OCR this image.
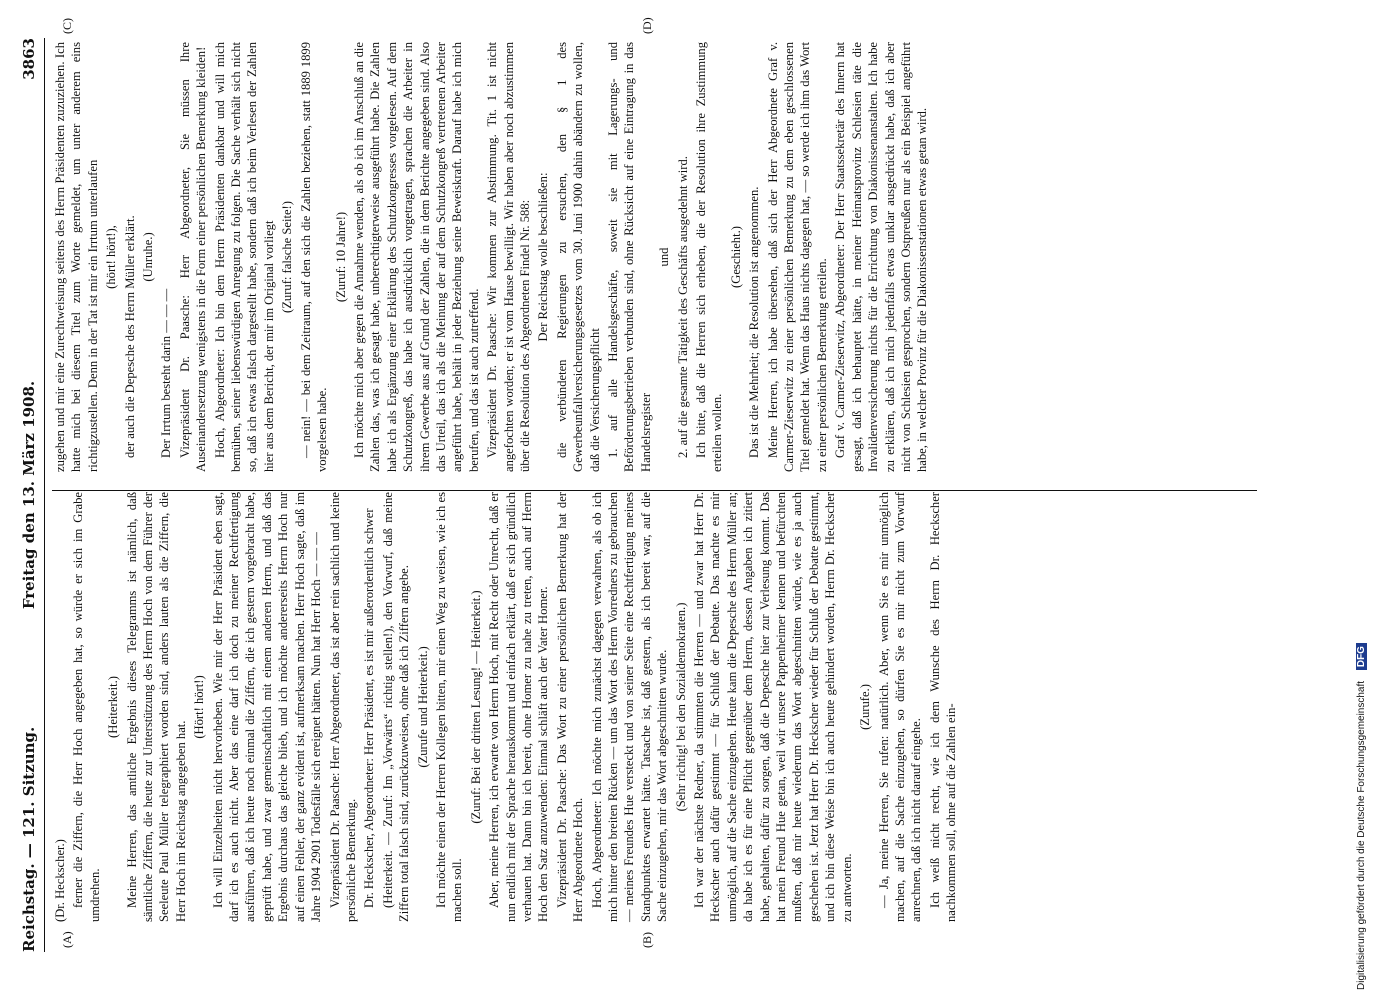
Reichstag. — 121. Sitzung.
Freitag den 13. März 1908.
3863

(Dr. Heckscher.) ferner die Ziffern, die Herr Hoch angegeben hat, so würde er sich im Grabe umdrehen.

(Heiterkeit.) Meine Herren, das amtliche Ergebnis dieses Telegramms ist nämlich, daß sämtliche Ziffern, die heute zur Unterstützung des Herrn Hoch von dem Führer der Seeleute Paul Müller telegraphiert worden sind, anders lauten als die Ziffern, die Herr Hoch im Reichstag angegeben hat.

(Hört! hört!) Ich will Einzelheiten nicht hervorheben. Wie mir der Herr Präsident eben sagt, darf ich es auch nicht. Aber das eine darf ich doch zu meiner Rechtfertigung ausführen, daß ich heute noch einmal die Ziffern, die ich gestern vorgebracht habe, geprüft habe, und zwar gemeinschaftlich mit einem anderen Herrn, und daß das Ergebnis durchaus das gleiche blieb, und ich möchte andererseits Herrn Hoch nur auf einen Fehler, der ganz evident ist, aufmerksam machen. Herr Hoch sagte, daß im Jahre 1904 2901 Todesfälle sich ereignet hätten. Nun hat Herr Hoch — — — Vizepräsident Dr. Paasche: Herr Abgeordneter, das ist aber rein sachlich und keine persönliche Bemerkung. Dr. Heckscher, Abgeordneter: Herr Präsident, es ist mir außerordentlich schwer (Heiterkeit. — Zuruf: Im „Vorwärts“ richtig stellen!), den Vorwurf, daß meine Ziffern total falsch sind, zurückzuweisen, ohne daß ich Ziffern angebe. (Zurufe und Heiterkeit.) Ich möchte einen der Herren Kollegen bitten, mir einen Weg zu weisen, wie ich es machen soll.

(Zuruf: Bei der dritten Lesung! — Heiterkeit.) Aber, meine Herren, ich erwarte von Herrn Hoch, mit Recht oder Unrecht, daß er nun endlich mit der Sprache herauskommt und einfach erklärt, daß er sich gründlich verhauen hat. Dann bin ich bereit, ohne Homer zu nahe zu treten, auch auf Herrn Hoch den Satz anzuwenden: Einmal schläft auch der Vater Homer. Vizepräsident Dr. Paasche: Das Wort zu einer persönlichen Bemerkung hat der Herr Abgeordnete Hoch. Hoch, Abgeordneter: Ich möchte mich zunächst dagegen verwahren, als ob ich mich hinter den breiten Rücken — um das Wort des Herrn Vorredners zu gebrauchen — meines Freundes Hue versteckt und von seiner Seite eine Rechtfertigung meines Standpunktes erwartet hätte. Tatsache ist, daß gestern, als ich bereit war, auf die Sache einzugehen, mir das Wort abgeschnitten wurde. (Sehr richtig! bei den Sozialdemokraten.) Ich war der nächste Redner, da stimmten die Herren — und zwar hat Herr Dr. Heckscher auch dafür gestimmt — für Schluß der Debatte. Das machte es mir unmöglich, auf die Sache einzugehen. Heute kam die Depesche des Herrn Müller an; da habe ich es für eine Pflicht gegenüber dem Herrn, dessen Angaben ich zitiert habe, gehalten, dafür zu sorgen, daß die Depesche hier zur Verlesung kommt. Das hat mein Freund Hue getan, weil wir unsere Pappenheimer kennen und befürchten mußten, daß mir heute wiederum das Wort abgeschnitten würde, wie es ja auch geschehen ist. Jetzt hat Herr Dr. Heckscher wieder für Schluß der Debatte gestimmt, und ich bin diese Weise bin ich auch heute gehindert worden, Herrn Dr. Heckscher zu antworten.

(Zurufe.) — Ja, meine Herren, Sie rufen: natürlich. Aber, wenn Sie es mir unmöglich machen, auf die Sache einzugehen, so dürfen Sie es mir nicht zum Vorwurf anrechnen, daß ich nicht darauf eingehe. Ich weiß nicht recht, wie ich dem Wunsche des Herrn Dr. Heckscher nachkommen soll, ohne auf die Zahlen ein-

zugehen und mir eine Zurechtweisung seitens des Herrn Präsidenten zuzuziehen. Ich hatte mich bei diesem Titel zum Worte gemeldet, um unter anderem eins richtigzustellen. Denn in der Tat ist mir ein Irrtum unterlaufen (hört! hört!), der auch die Depesche des Herrn Müller erklärt. (Unruhe.)

Der Irrtum besteht darin — — — Vizepräsident Dr. Paasche: Herr Abgeordneter, Sie müssen Ihre Auseinandersetzung wenigstens in die Form einer persönlichen Bemerkung kleiden! Hoch, Abgeordneter: Ich bin dem Herrn Präsidenten dankbar und will mich bemühen, seiner liebenswürdigen Anregung zu folgen. Die Sache verhält sich nicht so, daß ich etwas falsch dargestellt habe, sondern daß ich beim Verlesen der Zahlen hier aus dem Bericht, der mir im Original vorliegt (Zuruf: falsche Seite!) — nein! — bei dem Zeitraum, auf den sich die Zahlen beziehen, statt 1889 1899 vorgelesen habe.

(Zuruf: 10 Jahre!) Ich möchte mich aber gegen die Annahme wenden, als ob ich im Anschluß an die Zahlen das, was ich gesagt habe, unberechtigterweise ausgeführt habe. Die Zahlen habe ich als Ergänzung einer Erklärung des Schutzkongresses vorgelesen. Auf dem Schutzkongreß, das habe ich ausdrücklich vorgetragen, sprachen die Arbeiter in ihrem Gewerbe aus auf Grund der Zahlen, die in dem Berichte angegeben sind. Also das Urteil, das ich als die Meinung der auf dem Schutzkongreß vertretenen Arbeiter angeführt habe, behält in jeder Beziehung seine Beweiskraft. Darauf habe ich mich berufen, und das ist auch zutreffend. Vizepräsident Dr. Paasche: Wir kommen zur Abstimmung. Tit. 1 ist nicht angefochten worden; er ist vom Hause bewilligt. Wir haben aber noch abzustimmen über die Resolution des Abgeordneten Findel Nr. 588: Der Reichstag wolle beschließen: die verbündeten Regierungen zu ersuchen, den § 1 des Gewerbeunfallversicherungsgesetzes vom 30. Juni 1900 dahin abändern zu wollen, daß die Versicherungspflicht 1. auf alle Handelsgeschäfte, soweit sie mit Lagerungs- und Beförderungsbetrieben verbunden sind, ohne Rücksicht auf eine Eintragung in das Handelsregister

und 2. auf die gesamte Tätigkeit des Geschäfts ausgedehnt wird. Ich bitte, daß die Herren sich erheben, die der Resolution ihre Zustimmung erteilen wollen.

(Geschieht.) Das ist die Mehrheit; die Resolution ist angenommen. Meine Herren, ich habe übersehen, daß sich der Herr Abgeordnete Graf v. Carmer-Zieserwitz zu einer persönlichen Bemerkung zu dem eben geschlossenen Titel gemeldet hat. Wenn das Haus nichts dagegen hat, — so werde ich ihm das Wort zu einer persönlichen Bemerkung erteilen. Graf v. Carmer-Zieserwitz, Abgeordneter: Der Herr Staatssekretär des Innern hat gesagt, daß ich behauptet hätte, in meiner Heimatsprovinz Schlesien täte die Invalidenversicherung nichts für die Errichtung von Diakonissenanstalten. Ich habe zu erklären, daß ich mich jedenfalls etwas unklar ausgedrückt habe, daß ich aber nicht von Schlesien gesprochen, sondern Ostpreußen nur als ein Beispiel angeführt habe, in welcher Provinz für die Diakonissenstationen etwas getan wird.

(A)	(B)
(C)	(D)
Digitalisierung gefördert durch die Deutsche Forschungsgemeinschaft DFG
